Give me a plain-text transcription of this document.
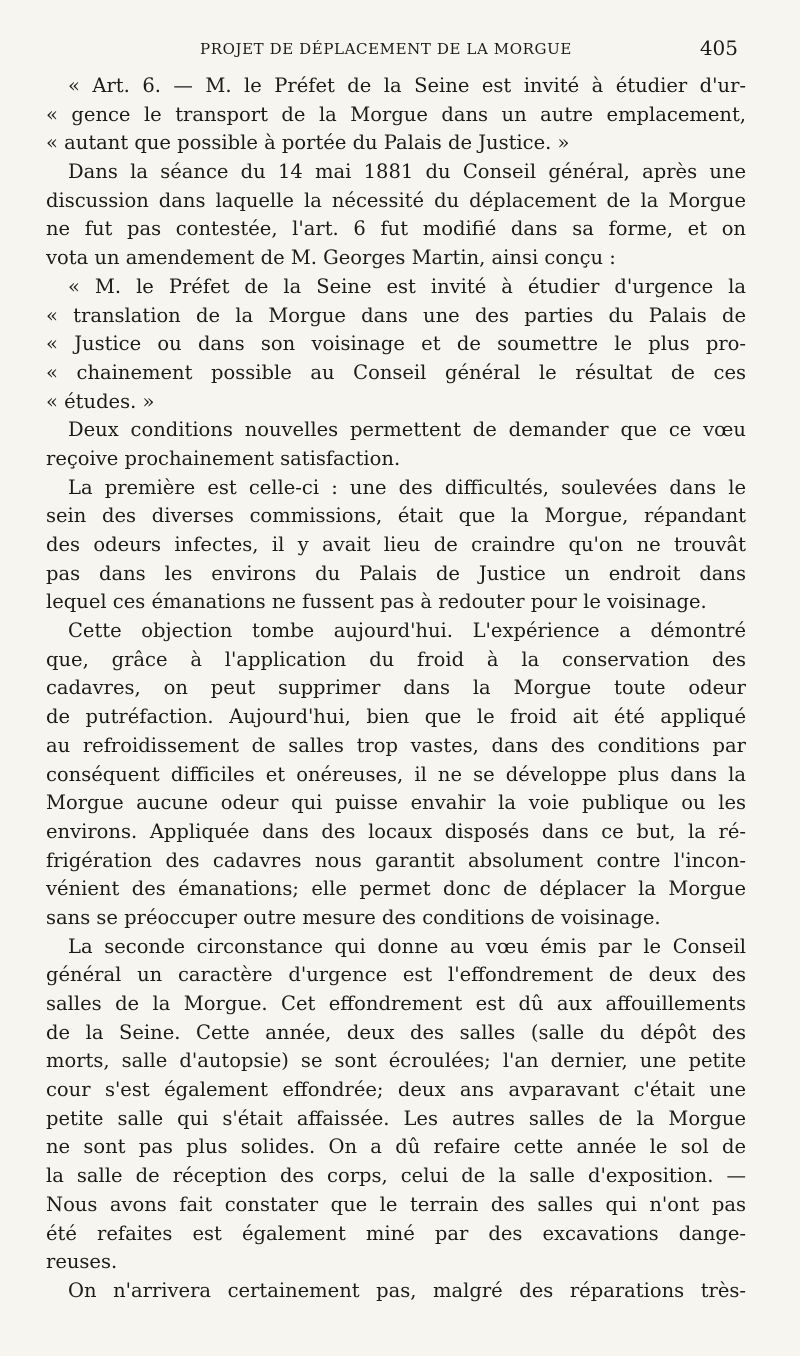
PROJET DE DÉPLACEMENT DE LA MORGUE	405
« Art. 6. — M. le Préfet de la Seine est invité à étudier d'ur-
« gence le transport de la Morgue dans un autre emplacement,
« autant que possible à portée du Palais de Justice. »
Dans la séance du 14 mai 1881 du Conseil général, après une
discussion dans laquelle la nécessité du déplacement de la Morgue
ne fut pas contestée, l'art. 6 fut modifié dans sa forme, et on
vota un amendement de M. Georges Martin, ainsi conçu :
« M. le Préfet de la Seine est invité à étudier d'urgence la
« translation de la Morgue dans une des parties du Palais de
« Justice ou dans son voisinage et de soumettre le plus pro-
« chainement possible au Conseil général le résultat de ces
« études. »
Deux conditions nouvelles permettent de demander que ce vœu
reçoive prochainement satisfaction.
La première est celle-ci : une des difficultés, soulevées dans le
sein des diverses commissions, était que la Morgue, répandant
des odeurs infectes, il y avait lieu de craindre qu'on ne trouvât
pas dans les environs du Palais de Justice un endroit dans
lequel ces émanations ne fussent pas à redouter pour le voisinage.
Cette objection tombe aujourd'hui. L'expérience a démontré
que, grâce à l'application du froid à la conservation des
cadavres, on peut supprimer dans la Morgue toute odeur
de putréfaction. Aujourd'hui, bien que le froid ait été appliqué
au refroidissement de salles trop vastes, dans des conditions par
conséquent difficiles et onéreuses, il ne se développe plus dans la
Morgue aucune odeur qui puisse envahir la voie publique ou les
environs. Appliquée dans des locaux disposés dans ce but, la ré-
frigération des cadavres nous garantit absolument contre l'incon-
vénient des émanations; elle permet donc de déplacer la Morgue
sans se préoccuper outre mesure des conditions de voisinage.
La seconde circonstance qui donne au vœu émis par le Conseil
général un caractère d'urgence est l'effondrement de deux des
salles de la Morgue. Cet effondrement est dû aux affouillements
de la Seine. Cette année, deux des salles (salle du dépôt des
morts, salle d'autopsie) se sont écroulées; l'an dernier, une petite
cour s'est également effondrée; deux ans avparavant c'était une
petite salle qui s'était affaissée. Les autres salles de la Morgue
ne sont pas plus solides. On a dû refaire cette année le sol de
la salle de réception des corps, celui de la salle d'exposition. —
Nous avons fait constater que le terrain des salles qui n'ont pas
été refaites est également miné par des excavations dange-
reuses.
On n'arrivera certainement pas, malgré des réparations très-
